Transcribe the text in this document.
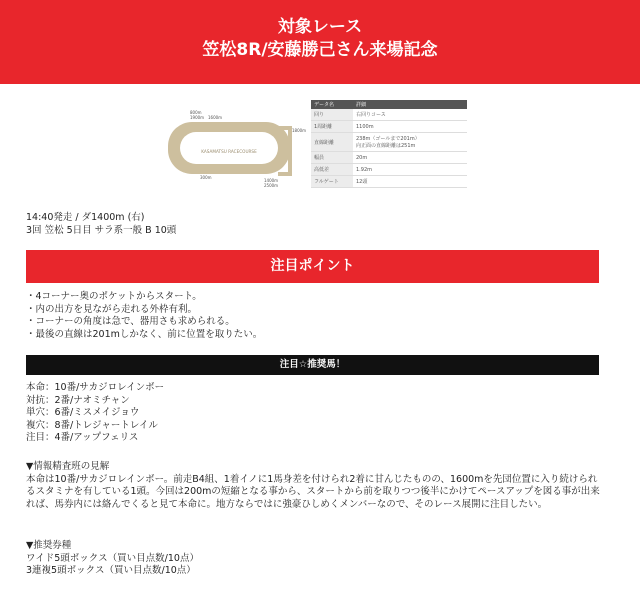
対象レース
笠松8R/安藤勝己さん来場記念
KASAMATSU RACECOURSE
800m
1900m 1600m
1800m
1400m
2500m
300m
データ名	詳細
回り	右回りコース
1周距離	1100m
直線距離	238m（ゴールまで201m）
向正面の直線距離は251m
幅員	20m
高低差	1.92m
フルゲート	12頭
14:40発走 / ダ1400m (右)
3回 笠松 5日目 サラ系一般 B 10頭
注目ポイント
・4コーナー奥のポケットからスタート。
・内の出方を見ながら走れる外枠有利。
・コーナーの角度は急で、器用さも求められる。
・最後の直線は201mしかなく、前に位置を取りたい。
注目☆推奨馬！
本命：10番/サカジロレインボー
対抗：2番/ナオミチャン
単穴：6番/ミスメイジョウ
複穴：8番/トレジャートレイル
注目：4番/アップフェリス
▼情報精査班の見解

本命は10番/サカジロレインボー。前走B4組、1着イノに1馬身差を付けられ2着に甘んじたものの、1600mを先団位置に入り続けられるスタミナを有している1頭。今回は200mの短縮となる事から、スタートから前を取りつつ後半にかけてペースアップを図る事が出来れば、馬券内には絡んでくると見て本命に。地方ならではに強豪ひしめくメンバーなので、そのレース展開に注目したい。

▼推奨券種
ワイド5頭ボックス（買い目点数/10点）
3連複5頭ボックス（買い目点数/10点）
